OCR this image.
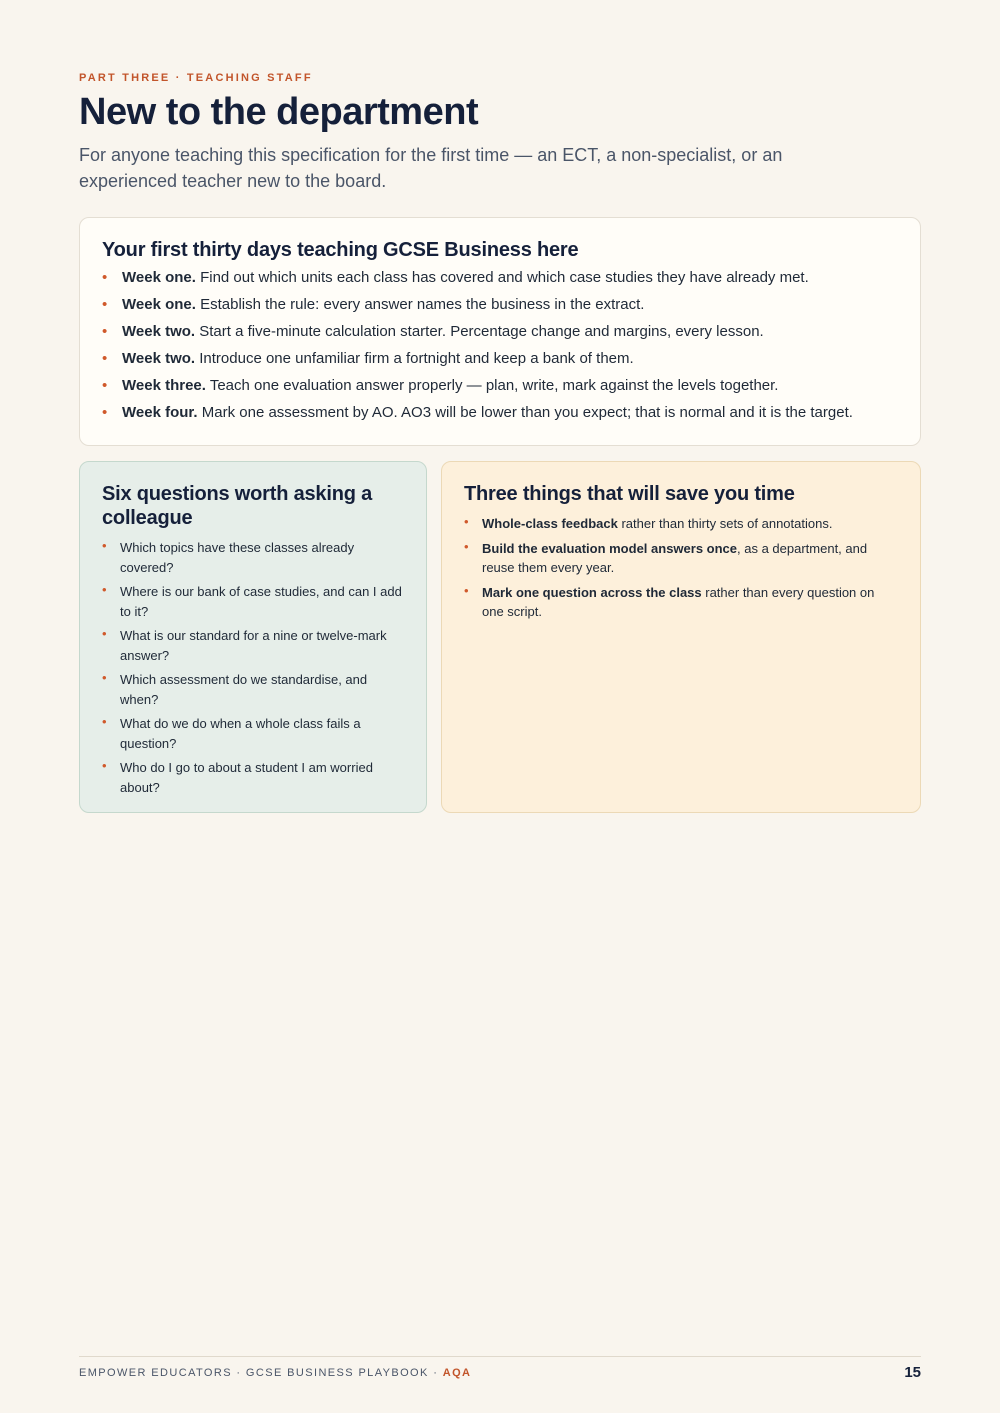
PART THREE · TEACHING STAFF
New to the department

For anyone teaching this specification for the first time — an ECT, a non-specialist, or an experienced teacher new to the board.

Your first thirty days teaching GCSE Business here
• Week one. Find out which units each class has covered and which case studies they have already met.
• Week one. Establish the rule: every answer names the business in the extract.
• Week two. Start a five-minute calculation starter. Percentage change and margins, every lesson.
• Week two. Introduce one unfamiliar firm a fortnight and keep a bank of them.
• Week three. Teach one evaluation answer properly — plan, write, mark against the levels together.
• Week four. Mark one assessment by AO. AO3 will be lower than you expect; that is normal and it is the target.
Six questions worth asking a colleague
• Which topics have these classes already covered?
• Where is our bank of case studies, and can I add to it?
• What is our standard for a nine or twelve-mark answer?
• Which assessment do we standardise, and when?
• What do we do when a whole class fails a question?
• Who do I go to about a student I am worried about?
Three things that will save you time
• Whole-class feedback rather than thirty sets of annotations.
• Build the evaluation model answers once, as a department, and reuse them every year.
• Mark one question across the class rather than every question on one script.
EMPOWER EDUCATORS · GCSE BUSINESS PLAYBOOK · AQA	15
